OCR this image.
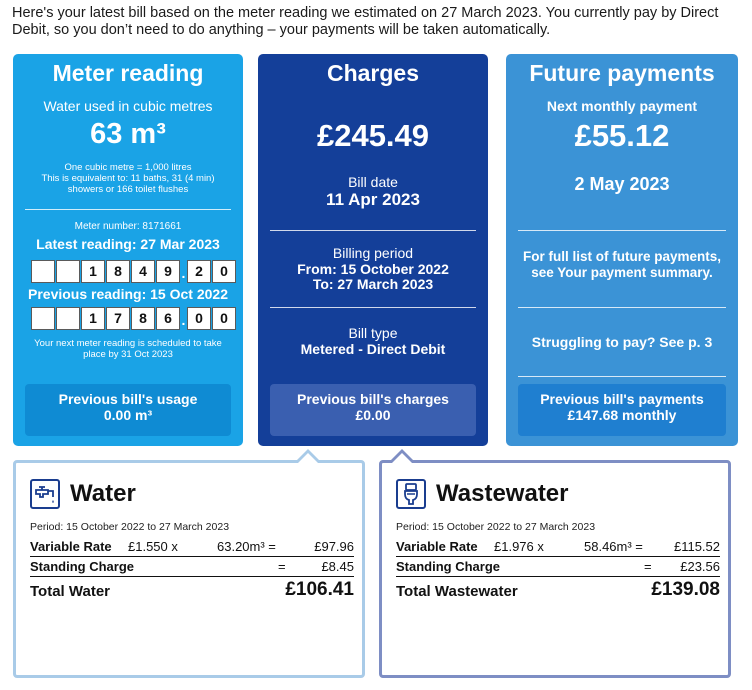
Here's your latest bill based on the meter reading we estimated on 27 March 2023. You currently pay by Direct Debit, so you don’t need to do anything – your payments will be taken automatically.
Meter reading
Water used in cubic metres
63 m³
One cubic metre = 1,000 litres
This is equivalent to: 11 baths, 31 (4 min)
showers or 166 toilet flushes
Meter number: 8171661
Latest reading: 27 Mar 2023
1	8	4	9 . 2	0
Previous reading: 15 Oct 2022
1	7	8	6 . 0	0
Your next meter reading is scheduled to take
place by 31 Oct 2023
Previous bill's usage
0.00 m³
Charges
£245.49
Bill date
11 Apr 2023
Billing period
From: 15 October 2022
To: 27 March 2023
Bill type
Metered - Direct Debit
Previous bill's charges
£0.00
Future payments
Next monthly payment
£55.12
2 May 2023
For full list of future payments,
see Your payment summary.
Struggling to pay? See p. 3
Previous bill's payments
£147.68 monthly
Water
Period: 15 October 2022 to 27 March 2023
Variable Rate £1.550 x	63.20m³ =	£97.96
Standing Charge	=	£8.45
Total Water	£106.41
Wastewater
Period: 15 October 2022 to 27 March 2023
Variable Rate £1.976 x	58.46m³ = £115.52
Standing Charge	= £23.56
Total Wastewater	£139.08
